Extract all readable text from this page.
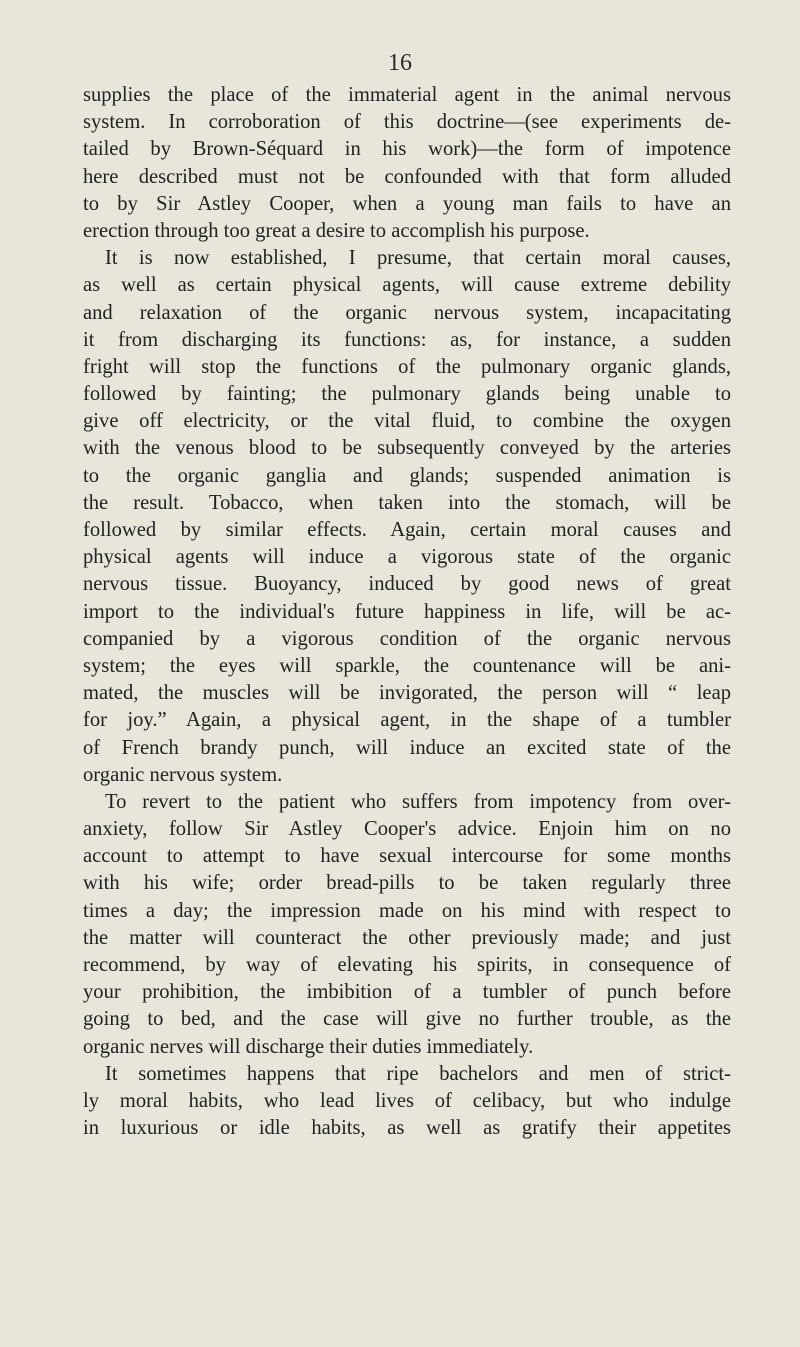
16
supplies the place of the immaterial agent in the animal nervous
system. In corroboration of this doctrine—(see experiments de-
tailed by Brown-Séquard in his work)—the form of impotence
here described must not be confounded with that form alluded
to by Sir Astley Cooper, when a young man fails to have an
erection through too great a desire to accomplish his purpose.
It is now established, I presume, that certain moral causes,
as well as certain physical agents, will cause extreme debility
and relaxation of the organic nervous system, incapacitating
it from discharging its functions: as, for instance, a sudden
fright will stop the functions of the pulmonary organic glands,
followed by fainting; the pulmonary glands being unable to
give off electricity, or the vital fluid, to combine the oxygen
with the venous blood to be subsequently conveyed by the arteries
to the organic ganglia and glands; suspended animation is
the result. Tobacco, when taken into the stomach, will be
followed by similar effects. Again, certain moral causes and
physical agents will induce a vigorous state of the organic
nervous tissue. Buoyancy, induced by good news of great
import to the individual's future happiness in life, will be ac-
companied by a vigorous condition of the organic nervous
system; the eyes will sparkle, the countenance will be ani-
mated, the muscles will be invigorated, the person will “ leap
for joy.” Again, a physical agent, in the shape of a tumbler
of French brandy punch, will induce an excited state of the
organic nervous system.
To revert to the patient who suffers from impotency from over-
anxiety, follow Sir Astley Cooper's advice. Enjoin him on no
account to attempt to have sexual intercourse for some months
with his wife; order bread-pills to be taken regularly three
times a day; the impression made on his mind with respect to
the matter will counteract the other previously made; and just
recommend, by way of elevating his spirits, in consequence of
your prohibition, the imbibition of a tumbler of punch before
going to bed, and the case will give no further trouble, as the
organic nerves will discharge their duties immediately.
It sometimes happens that ripe bachelors and men of strict-
ly moral habits, who lead lives of celibacy, but who indulge
in luxurious or idle habits, as well as gratify their appetites
